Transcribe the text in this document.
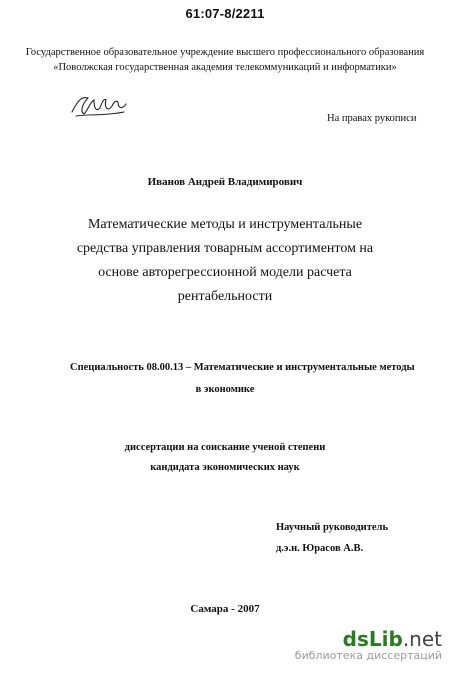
61:07-8/2211
Государственное образовательное учреждение высшего профессионального образования
«Поволжская государственная академия телекоммуникаций и информатики»
На правах рукописи
Иванов Андрей Владимирович
Математические методы и инструментальные
средства управления товарным ассортиментом на
основе авторегрессионной модели расчета
рентабельности
Специальность 08.00.13 – Математические и инструментальные методы
в экономике
диссертации на соискание ученой степени
кандидата экономических наук
Научный руководитель
д.э.н. Юрасов А.В.
Самара - 2007
dsLib.net
библиотека диссертаций
